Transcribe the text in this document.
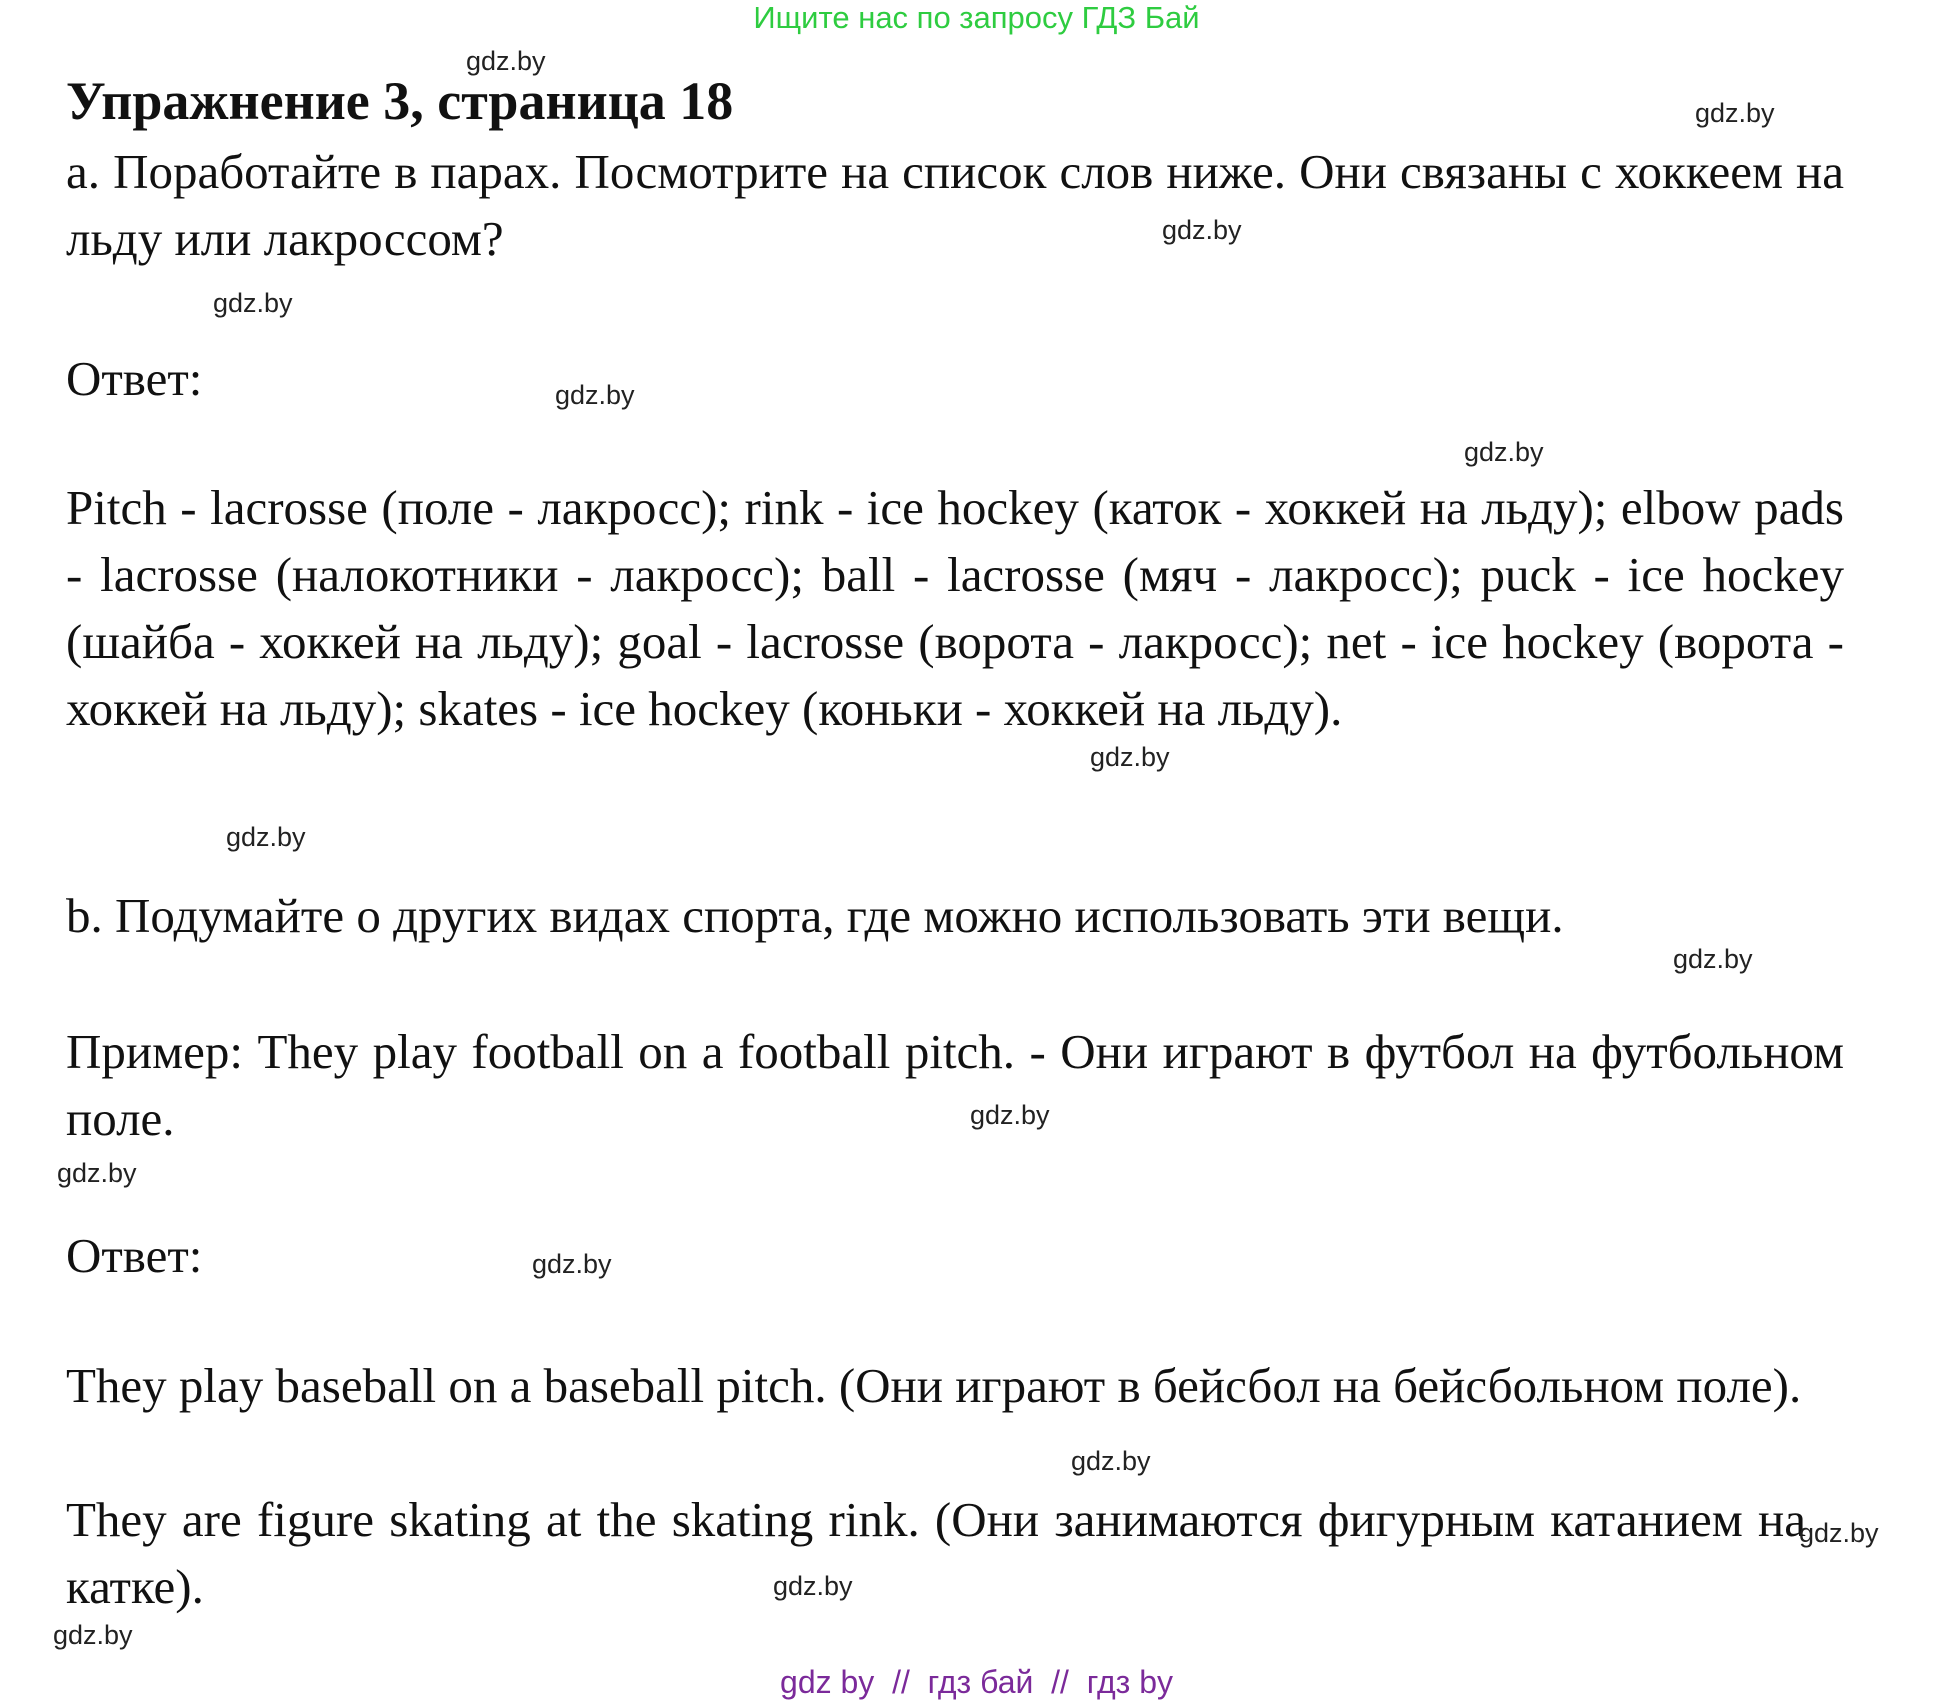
Ищите нас по запросу ГДЗ Бай
Упражнение 3, страница 18
a. Поработайте в парах. Посмотрите на список слов ниже. Они связаны с хоккеем на льду или лакроссом?
Ответ:
Pitch - lacrosse (поле - лакросс); rink - ice hockey (каток - хоккей на льду); elbow pads - lacrosse (налокотники - лакросс); ball - lacrosse (мяч - лакросс); puck - ice hockey (шайба - хоккей на льду); goal - lacrosse (ворота - лакросс); net - ice hockey (ворота - хоккей на льду); skates - ice hockey (коньки - хоккей на льду).
b. Подумайте о других видах спорта, где можно использовать эти вещи.
Пример: They play football on a football pitch. - Они играют в футбол на футбольном поле.
Ответ:
They play baseball on a baseball pitch. (Они играют в бейсбол на бейсбольном поле).
They are figure skating at the skating rink. (Они занимаются фигурным катанием на катке).
gdz.by
gdz.by
gdz.by
gdz.by
gdz.by
gdz.by
gdz.by
gdz.by
gdz.by
gdz.by
gdz.by
gdz.by
gdz.by
gdz.by
gdz.by
gdz.by
gdz by  //  гдз бай  //  гдз by
